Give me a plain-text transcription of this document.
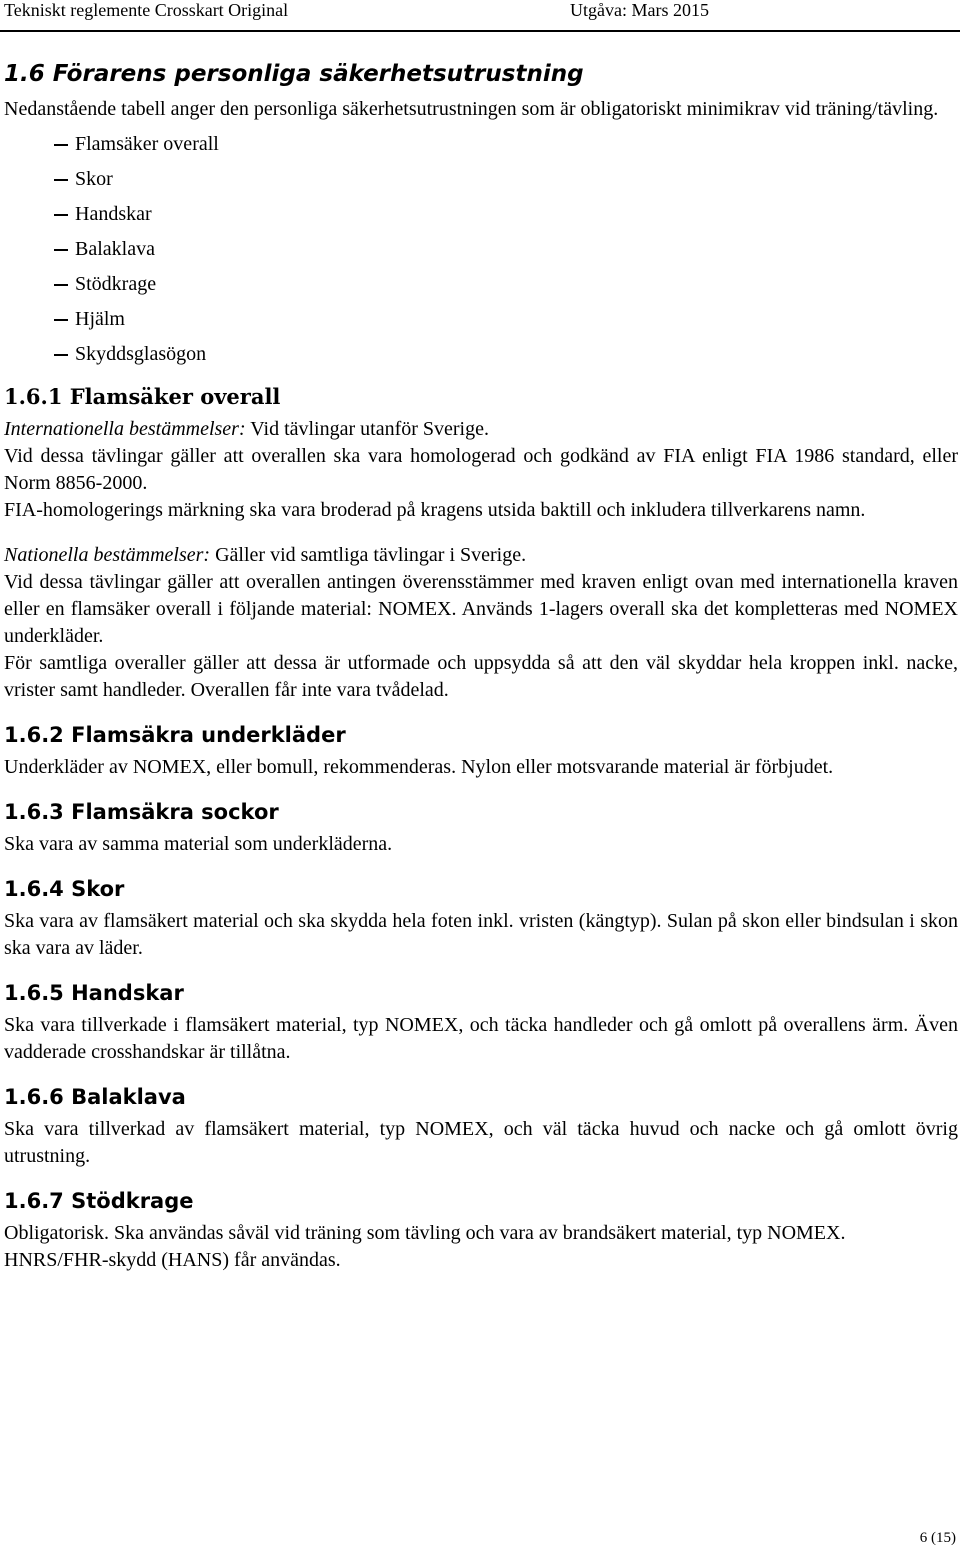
Tekniskt reglemente Crosskart Original	Utgåva: Mars 2015
1.6 Förarens personliga säkerhetsutrustning

Nedanstående tabell anger den personliga säkerhetsutrustningen som är obligatoriskt minimikrav vid träning/tävling.

Flamsäker overall
Skor
Handskar
Balaklava
Stödkrage
Hjälm
Skyddsglasögon
1.6.1 Flamsäker overall

Internationella bestämmelser: Vid tävlingar utanför Sverige.

Vid dessa tävlingar gäller att overallen ska vara homologerad och godkänd av FIA enligt FIA 1986 standard, eller Norm 8856-2000.

FIA-homologerings märkning ska vara broderad på kragens utsida baktill och inkludera tillverkarens namn.

Nationella bestämmelser: Gäller vid samtliga tävlingar i Sverige.

Vid dessa tävlingar gäller att overallen antingen överensstämmer med kraven enligt ovan med internationella kraven eller en flamsäker overall i följande material: NOMEX. Används 1-lagers overall ska det kompletteras med NOMEX underkläder.

För samtliga overaller gäller att dessa är utformade och uppsydda så att den väl skyddar hela kroppen inkl. nacke, vrister samt handleder. Overallen får inte vara tvådelad.

1.6.2 Flamsäkra underkläder

Underkläder av NOMEX, eller bomull, rekommenderas. Nylon eller motsvarande material är förbjudet.

1.6.3 Flamsäkra sockor

Ska vara av samma material som underkläderna.

1.6.4 Skor

Ska vara av flamsäkert material och ska skydda hela foten inkl. vristen (kängtyp). Sulan på skon eller bindsulan i skon ska vara av läder.

1.6.5 Handskar

Ska vara tillverkade i flamsäkert material, typ NOMEX, och täcka handleder och gå omlott på overallens ärm. Även vadderade crosshandskar är tillåtna.

1.6.6 Balaklava

Ska vara tillverkad av flamsäkert material, typ NOMEX, och väl täcka huvud och nacke och gå omlott övrig utrustning.

1.6.7 Stödkrage

Obligatorisk. Ska användas såväl vid träning som tävling och vara av brandsäkert material, typ NOMEX.

HNRS/FHR-skydd (HANS) får användas.

6 (15)
